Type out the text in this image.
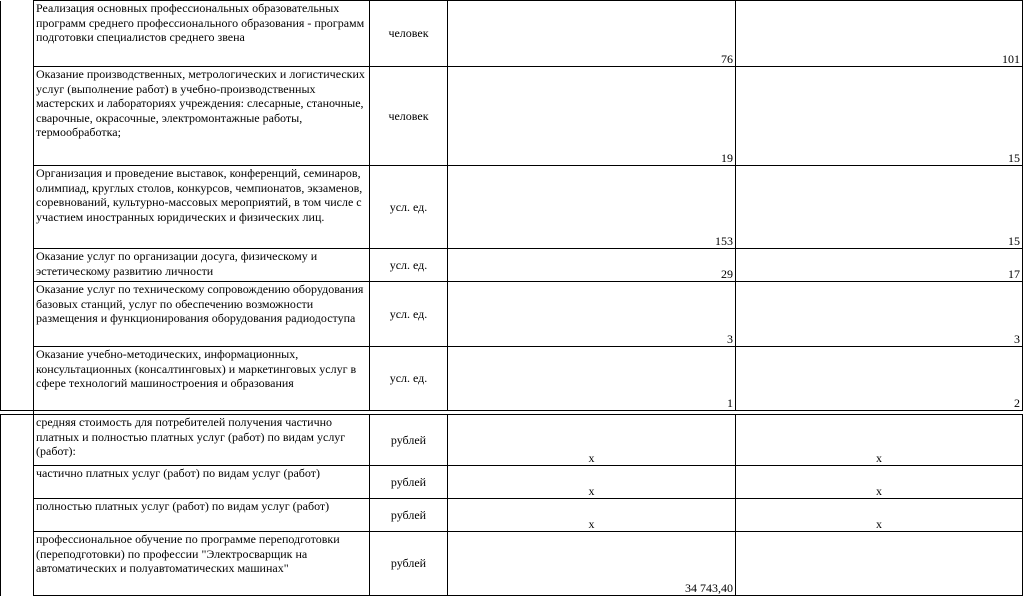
	Реализация основных профессиональных образовательных программ среднего профессионального образования - программ подготовки специалистов среднего звена	человек	76	101
	Оказание производственных, метрологических и логистических услуг (выполнение работ) в учебно-производственных мастерских и лабораториях учреждения: слесарные, станочные, сварочные, окрасочные, электромонтажные работы, термообработка;	человек	19	15
	Организация и проведение выставок, конференций, семинаров, олимпиад, круглых столов, конкурсов, чемпионатов, экзаменов, соревнований, культурно-массовых мероприятий, в том числе с участием иностранных юридических и физических лиц.	усл. ед.	153	15
	Оказание услуг по организации досуга, физическому и эстетическому развитию личности	усл. ед.	29	17
	Оказание услуг по техническому сопровождению оборудования базовых станций, услуг по обеспечению возможности размещения и функционирования оборудования радиодоступа	усл. ед.	3	3
	Оказание учебно-методических, информационных, консультационных (консалтинговых) и маркетинговых услуг в сфере технологий машиностроения и образования	усл. ед.	1	2

	средняя стоимость для потребителей получения частично платных и полностью платных услуг (работ) по видам услуг (работ):	рублей	x	x
	частично платных услуг (работ) по видам услуг (работ)	рублей	x	x
	полностью платных услуг (работ) по видам услуг (работ)	рублей	x	x
	профессиональное обучение по программе переподготовки (переподготовки) по профессии "Электросварщик на автоматических и полуавтоматических машинах"	рублей	34 743,40	
